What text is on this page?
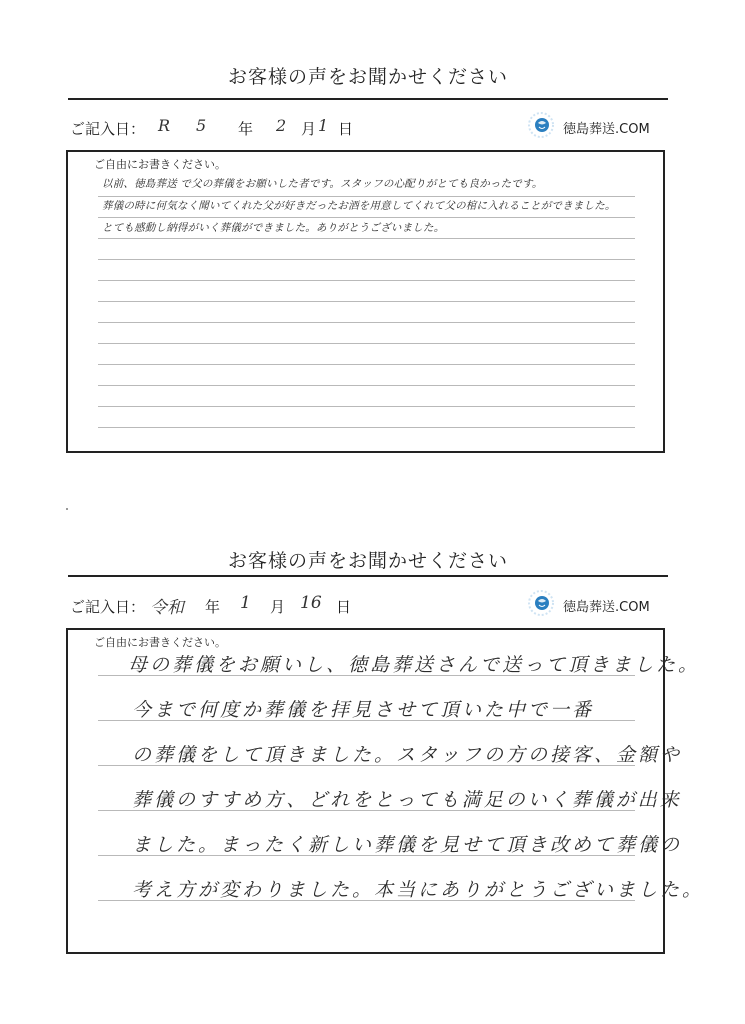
お客様の声をお聞かせください
ご記入日： R 5 年 2 月 1 日	徳島葬送.COM
ご自由にお書きください。
以前、徳島葬送 で父の葬儀をお願いした者です。スタッフの心配りがとても良かったです。
葬儀の時に何気なく聞いてくれた父が好きだったお酒を用意してくれて父の棺に入れることができました。
とても感動し納得がいく葬儀ができました。ありがとうございました。
お客様の声をお聞かせください
ご記入日： 令和 年 1 月 16 日	徳島葬送.COM
ご自由にお書きください。
母の葬儀をお願いし、徳島葬送さんで送って頂きました。
今まで何度か葬儀を拝見させて頂いた中で一番
の葬儀をして頂きました。スタッフの方の接客、金額や
葬儀のすすめ方、どれをとっても満足のいく葬儀が出来
ました。まったく新しい葬儀を見せて頂き改めて葬儀の
考え方が変わりました。本当にありがとうございました。
